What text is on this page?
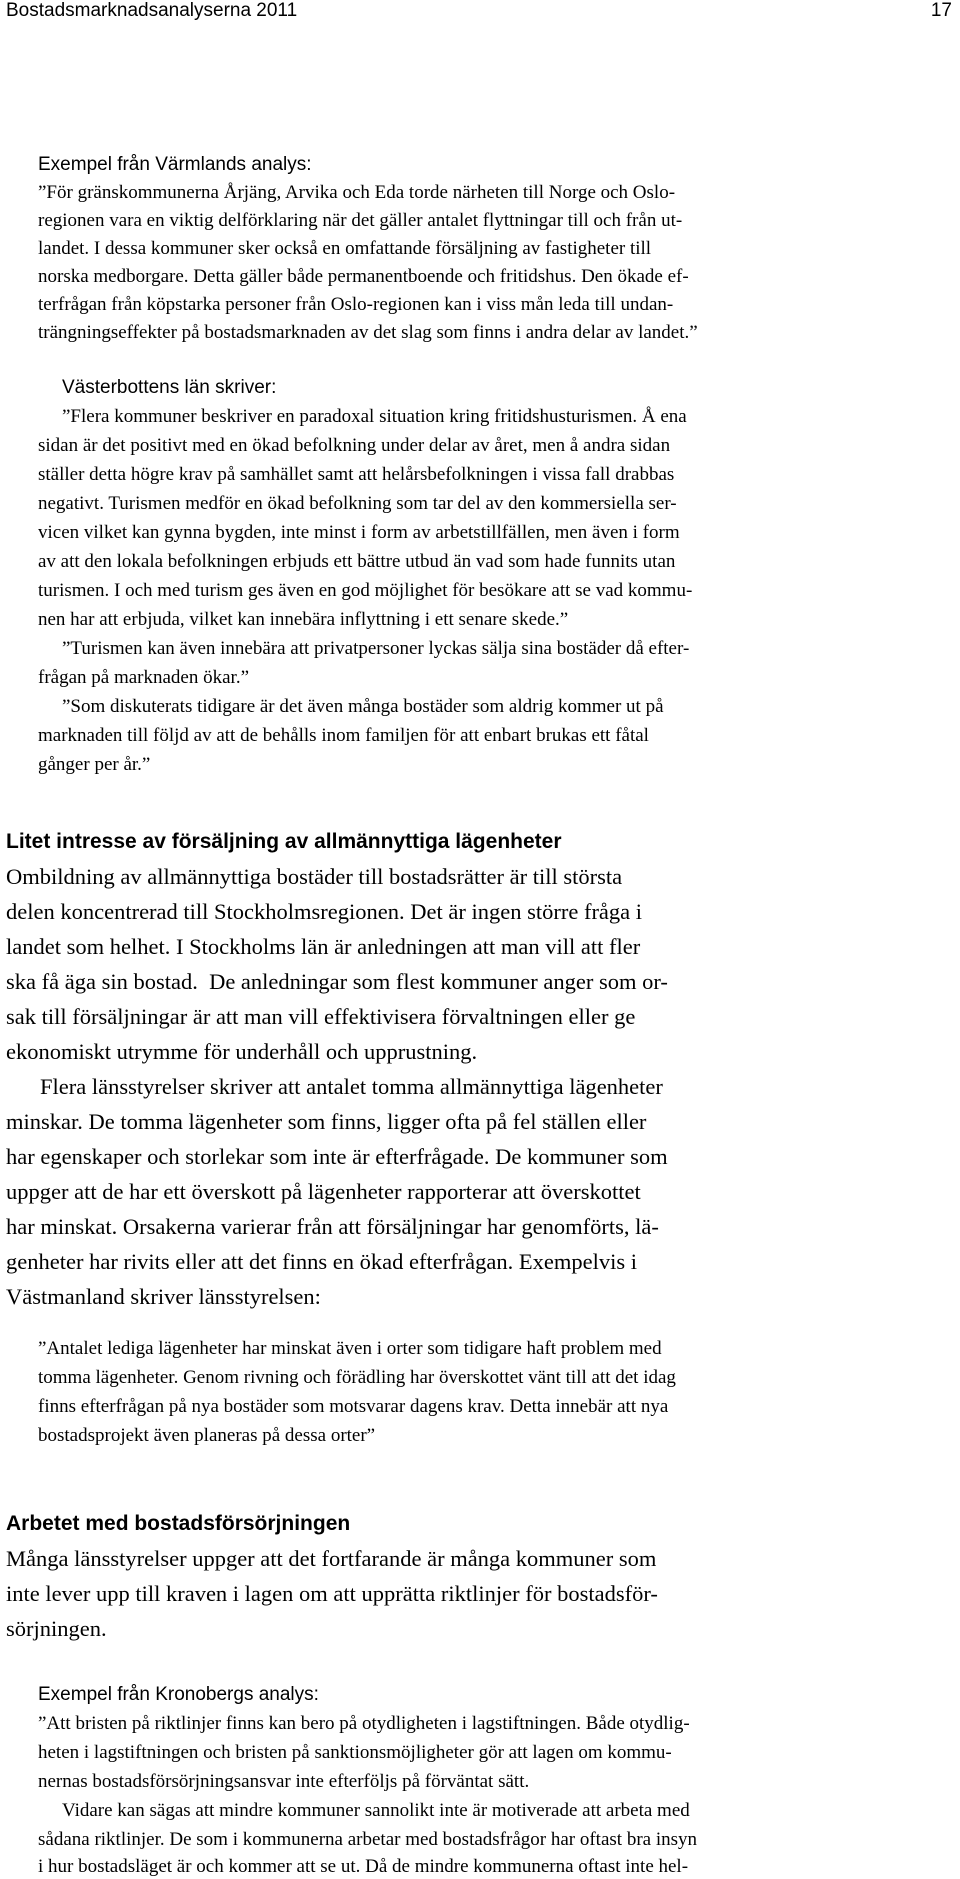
Bostadsmarknadsanalyserna 2011	17
Exempel från Värmlands analys:
”För gränskommunerna Årjäng, Arvika och Eda torde närheten till Norge och Oslo-
regionen vara en viktig delförklaring när det gäller antalet flyttningar till och från ut-
landet. I dessa kommuner sker också en omfattande försäljning av fastigheter till
norska medborgare. Detta gäller både permanentboende och fritidshus. Den ökade ef-
terfrågan från köpstarka personer från Oslo-regionen kan i viss mån leda till undan-
trängningseffekter på bostadsmarknaden av det slag som finns i andra delar av landet.”
Västerbottens län skriver:
”Flera kommuner beskriver en paradoxal situation kring fritidshusturismen. Å ena
sidan är det positivt med en ökad befolkning under delar av året, men å andra sidan
ställer detta högre krav på samhället samt att helårsbefolkningen i vissa fall drabbas
negativt. Turismen medför en ökad befolkning som tar del av den kommersiella ser-
vicen vilket kan gynna bygden, inte minst i form av arbetstillfällen, men även i form
av att den lokala befolkningen erbjuds ett bättre utbud än vad som hade funnits utan
turismen. I och med turism ges även en god möjlighet för besökare att se vad kommu-
nen har att erbjuda, vilket kan innebära inflyttning i ett senare skede.”
”Turismen kan även innebära att privatpersoner lyckas sälja sina bostäder då efter-
frågan på marknaden ökar.”
”Som diskuterats tidigare är det även många bostäder som aldrig kommer ut på
marknaden till följd av att de behålls inom familjen för att enbart brukas ett fåtal
gånger per år.”
Litet intresse av försäljning av allmännyttiga lägenheter
Ombildning av allmännyttiga bostäder till bostadsrätter är till största
delen koncentrerad till Stockholmsregionen. Det är ingen större fråga i
landet som helhet. I Stockholms län är anledningen att man vill att fler
ska få äga sin bostad.  De anledningar som flest kommuner anger som or-
sak till försäljningar är att man vill effektivisera förvaltningen eller ge
ekonomiskt utrymme för underhåll och upprustning.
Flera länsstyrelser skriver att antalet tomma allmännyttiga lägenheter
minskar. De tomma lägenheter som finns, ligger ofta på fel ställen eller
har egenskaper och storlekar som inte är efterfrågade. De kommuner som
uppger att de har ett överskott på lägenheter rapporterar att överskottet
har minskat. Orsakerna varierar från att försäljningar har genomförts, lä-
genheter har rivits eller att det finns en ökad efterfrågan. Exempelvis i
Västmanland skriver länsstyrelsen:
”Antalet lediga lägenheter har minskat även i orter som tidigare haft problem med
tomma lägenheter. Genom rivning och förädling har överskottet vänt till att det idag
finns efterfrågan på nya bostäder som motsvarar dagens krav. Detta innebär att nya
bostadsprojekt även planeras på dessa orter”
Arbetet med bostadsförsörjningen
Många länsstyrelser uppger att det fortfarande är många kommuner som
inte lever upp till kraven i lagen om att upprätta riktlinjer för bostadsför-
sörjningen.
Exempel från Kronobergs analys:
”Att bristen på riktlinjer finns kan bero på otydligheten i lagstiftningen. Både otydlig-
heten i lagstiftningen och bristen på sanktionsmöjligheter gör att lagen om kommu-
nernas bostadsförsörjningsansvar inte efterföljs på förväntat sätt.
Vidare kan sägas att mindre kommuner sannolikt inte är motiverade att arbeta med
sådana riktlinjer. De som i kommunerna arbetar med bostadsfrågor har oftast bra insyn
i hur bostadsläget är och kommer att se ut. Då de mindre kommunerna oftast inte hel-
